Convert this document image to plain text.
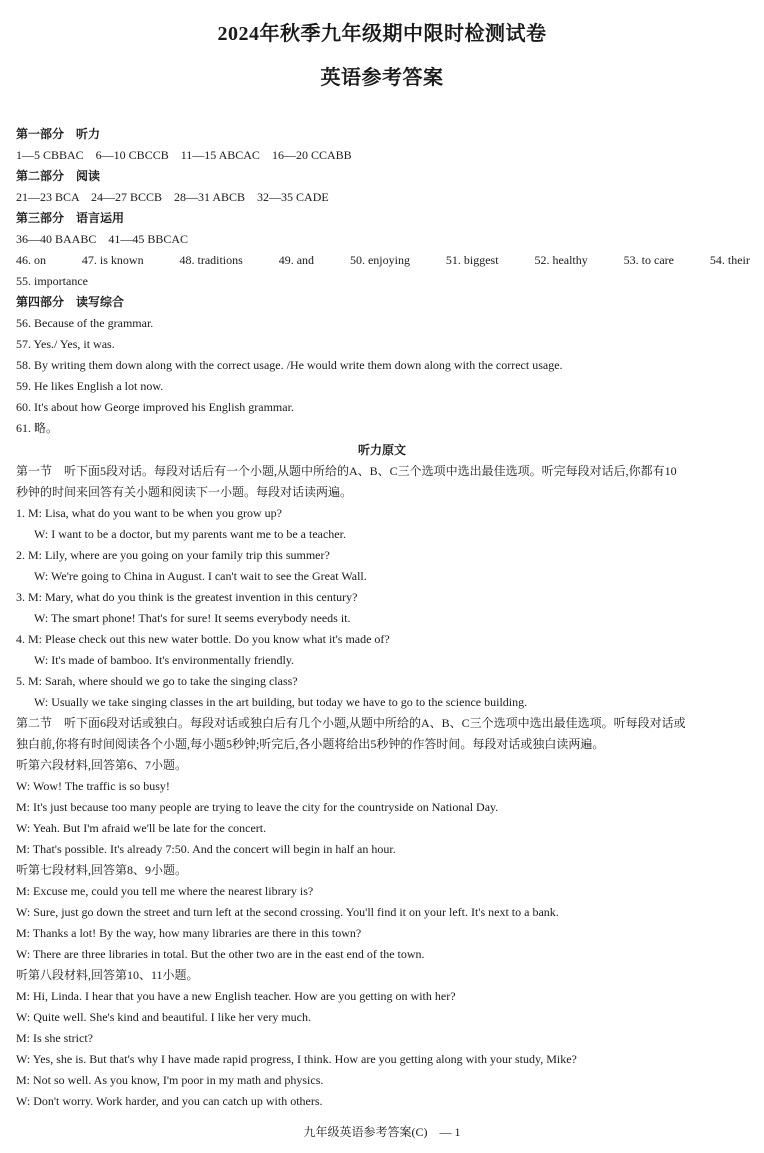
2024年秋季九年级期中限时检测试卷
英语参考答案
第一部分　听力
1—5 CBBAC　6—10 CBCCB　11—15 ABCAC　16—20 CCABB
第二部分　阅读
21—23 BCA　24—27 BCCB　28—31 ABCB　32—35 CADE
第三部分　语言运用
36—40 BAABC　41—45 BBCAC
46. on	47. is known	48. traditions	49. and	50. enjoying	51. biggest	52. healthy	53. to care	54. their
55. importance
第四部分　读写综合
56. Because of the grammar.
57. Yes./ Yes, it was.
58. By writing them down along with the correct usage. /He would write them down along with the correct usage.
59. He likes English a lot now.
60. It's about how George improved his English grammar.
61. 略。
听力原文
第一节　听下面5段对话。每段对话后有一个小题,从题中所给的A、B、C三个选项中选出最佳选项。听完每段对话后,你都有10
秒钟的时间来回答有关小题和阅读下一小题。每段对话读两遍。
1. M: Lisa, what do you want to be when you grow up?
W: I want to be a doctor, but my parents want me to be a teacher.
2. M: Lily, where are you going on your family trip this summer?
W: We're going to China in August. I can't wait to see the Great Wall.
3. M: Mary, what do you think is the greatest invention in this century?
W: The smart phone! That's for sure! It seems everybody needs it.
4. M: Please check out this new water bottle. Do you know what it's made of?
W: It's made of bamboo. It's environmentally friendly.
5. M: Sarah, where should we go to take the singing class?
W: Usually we take singing classes in the art building, but today we have to go to the science building.
第二节　听下面6段对话或独白。每段对话或独白后有几个小题,从题中所给的A、B、C三个选项中选出最佳选项。听每段对话或
独白前,你将有时间阅读各个小题,每小题5秒钟;听完后,各小题将给出5秒钟的作答时间。每段对话或独白读两遍。
听第六段材料,回答第6、7小题。
W: Wow! The traffic is so busy!
M: It's just because too many people are trying to leave the city for the countryside on National Day.
W: Yeah. But I'm afraid we'll be late for the concert.
M: That's possible. It's already 7:50. And the concert will begin in half an hour.
听第七段材料,回答第8、9小题。
M: Excuse me, could you tell me where the nearest library is?
W: Sure, just go down the street and turn left at the second crossing. You'll find it on your left. It's next to a bank.
M: Thanks a lot! By the way, how many libraries are there in this town?
W: There are three libraries in total. But the other two are in the east end of the town.
听第八段材料,回答第10、11小题。
M: Hi, Linda. I hear that you have a new English teacher. How are you getting on with her?
W: Quite well. She's kind and beautiful. I like her very much.
M: Is she strict?
W: Yes, she is. But that's why I have made rapid progress, I think. How are you getting along with your study, Mike?
M: Not so well. As you know, I'm poor in my math and physics.
W: Don't worry. Work harder, and you can catch up with others.
九年级英语参考答案(C)　— 1
